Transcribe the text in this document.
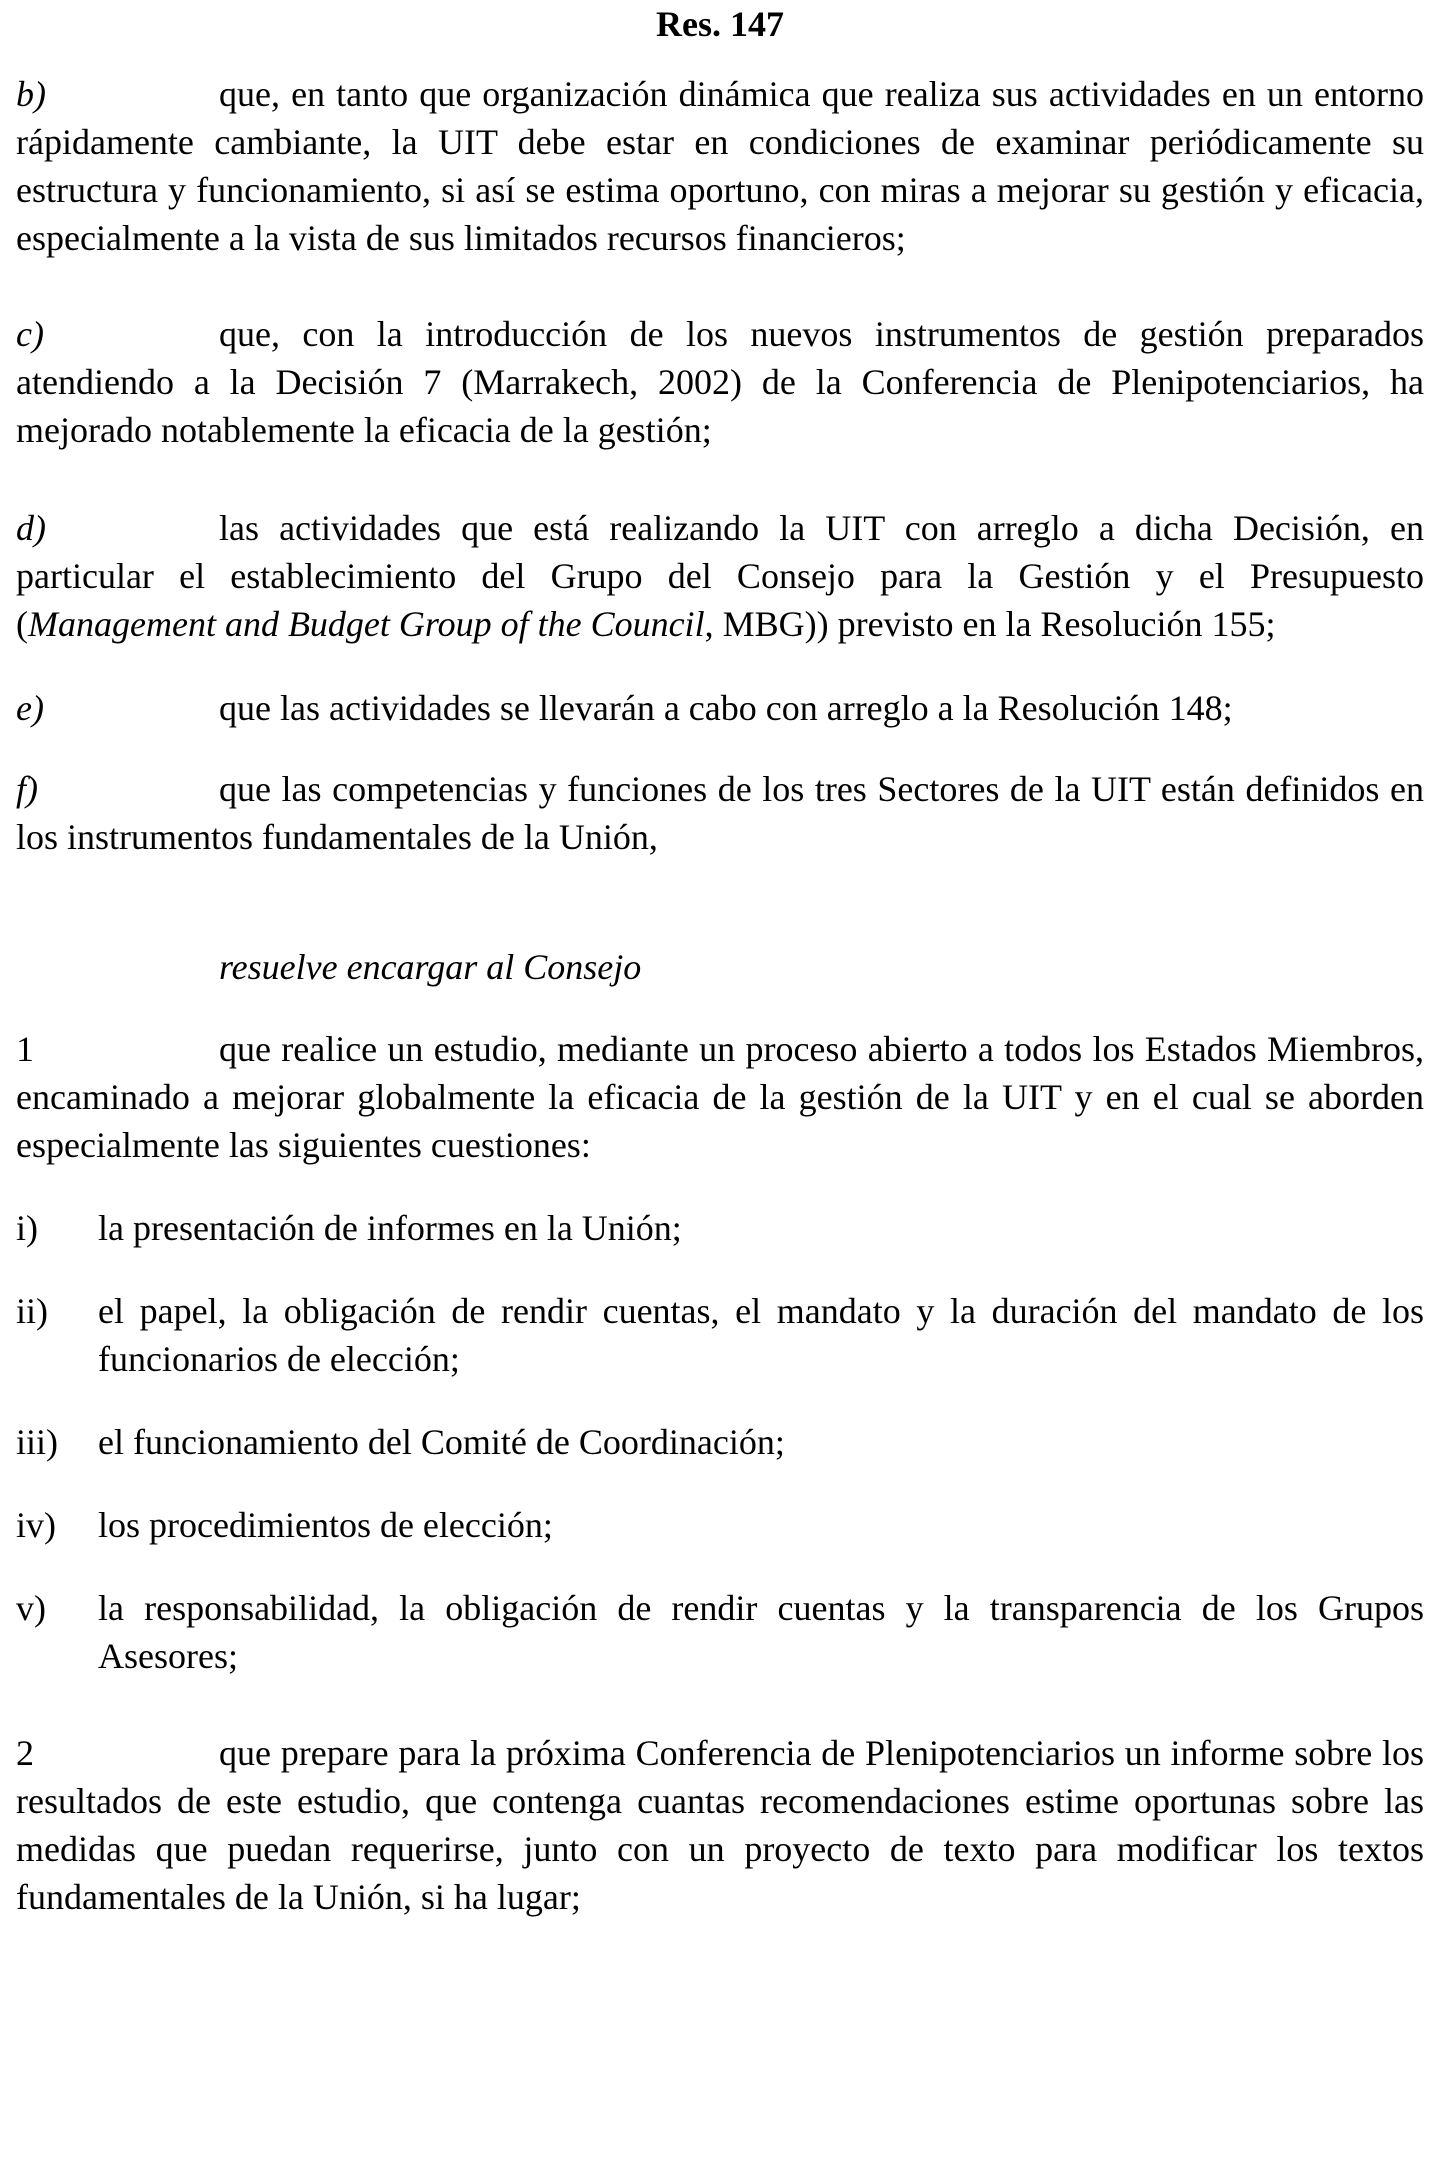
Res. 147

b)	que, en tanto que organización dinámica que realiza sus actividades en un entorno rápidamente cambiante, la UIT debe estar en condiciones de examinar periódicamente su estructura y funcionamiento, si así se estima oportuno, con miras a mejorar su gestión y eficacia, especialmente a la vista de sus limitados recursos financieros;

c)	que, con la introducción de los nuevos instrumentos de gestión preparados atendiendo a la Decisión 7 (Marrakech, 2002) de la Conferencia de Plenipotenciarios, ha mejorado notablemente la eficacia de la gestión;

d)	las actividades que está realizando la UIT con arreglo a dicha Decisión, en particular el establecimiento del Grupo del Consejo para la Gestión y el Presupuesto (Management and Budget Group of the Council, MBG)) previsto en la Resolución 155;

e)	que las actividades se llevarán a cabo con arreglo a la Resolución 148;

f)	que las competencias y funciones de los tres Sectores de la UIT están definidos en los instrumentos fundamentales de la Unión,

resuelve encargar al Consejo

1	que realice un estudio, mediante un proceso abierto a todos los Estados Miembros, encaminado a mejorar globalmente la eficacia de la gestión de la UIT y en el cual se aborden especialmente las siguientes cuestiones:

i) la presentación de informes en la Unión;

ii) el papel, la obligación de rendir cuentas, el mandato y la duración del mandato de los funcionarios de elección;

iii) el funcionamiento del Comité de Coordinación;

iv) los procedimientos de elección;

v) la responsabilidad, la obligación de rendir cuentas y la transparencia de los Grupos Asesores;

2	que prepare para la próxima Conferencia de Plenipotenciarios un informe sobre los resultados de este estudio, que contenga cuantas recomendaciones estime oportunas sobre las medidas que puedan requerirse, junto con un proyecto de texto para modificar los textos fundamentales de la Unión, si ha lugar;
